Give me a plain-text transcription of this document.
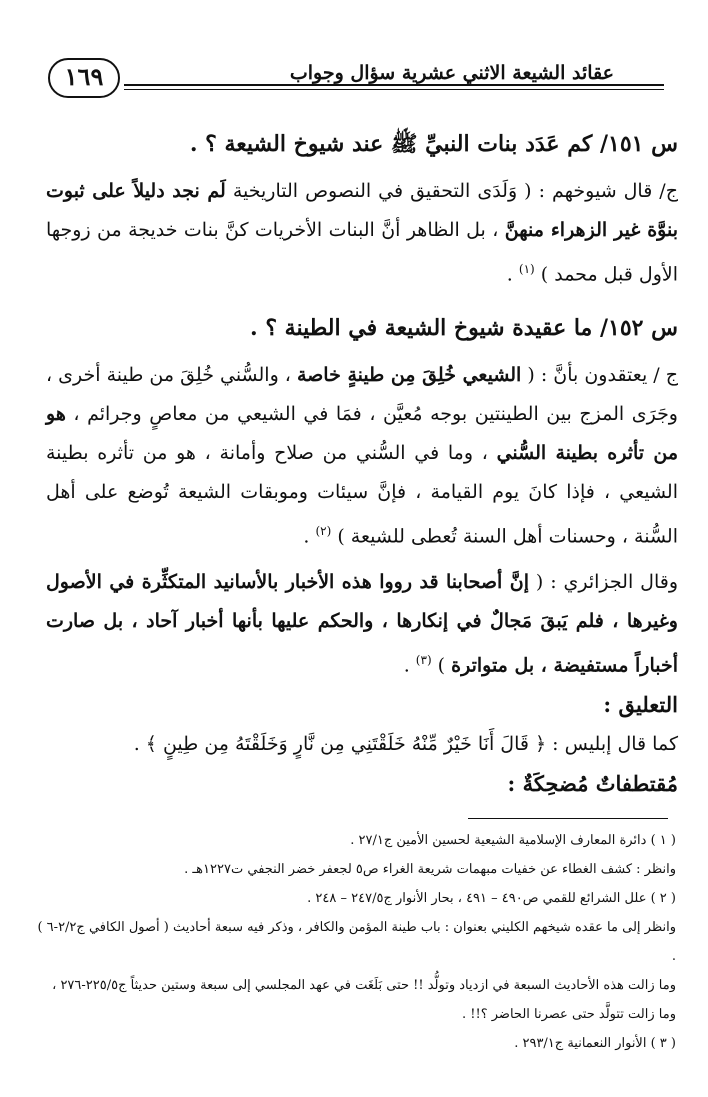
١٦٩	عقائد الشيعة الاثني عشرية سؤال وجواب
س ١٥١/ كم عَدَد بنات النبيِّ ﷺ عند شيوخ الشيعة ؟ .

ج/ قال شيوخهم : ( وَلَدَى التحقيق في النصوص التاريخية لَم نجد دليلاً على ثبوت بنوَّة غير الزهراء منهنَّ ، بل الظاهر أنَّ البنات الأخريات كنَّ بنات خديجة من زوجها الأول قبل محمد ) $^{(١)}$ .

س ١٥٢/ ما عقيدة شيوخ الشيعة في الطينة ؟ .

ج / يعتقدون بأنَّ : ( الشيعي خُلِقَ مِن طينةٍ خاصة ، والسُّني خُلِقَ من طينة أخرى ، وجَرَى المزج بين الطينتين بوجه مُعيَّن ، فمَا في الشيعي من معاصٍ وجرائم ، هو من تأثره بطينة السُّني ، وما في السُّني من صلاح وأمانة ، هو من تأثره بطينة الشيعي ، فإذا كانَ يوم القيامة ، فإنَّ سيئات وموبقات الشيعة تُوضع على أهل السُّنة ، وحسنات أهل السنة تُعطى للشيعة ) $^{(٢)}$ .

وقال الجزائري : ( إنَّ أصحابنا قد رووا هذه الأخبار بالأسانيد المتكثِّرة في الأصول وغيرها ، فلم يَبقَ مَجالٌ في إنكارها ، والحكم عليها بأنها أخبار آحاد ، بل صارت أخباراً مستفيضة ، بل متواترة ) $^{(٣)}$ .

التعليق :

كما قال إبليس : ﴿ قَالَ أَنَا خَيْرٌ مِّنْهُ خَلَقْتَنِي مِن نَّارٍ وَخَلَقْتَهُ مِن طِينٍ ﴾ .

مُقتطفاتٌ مُضحِكَةٌ :

( ١ ) دائرة المعارف الإسلامية الشيعية لحسين الأمين ج٢٧/١ .

وانظر : كشف الغطاء عن خفيات مبهمات شريعة الغراء ص٥ لجعفر خضر النجفي ت١٢٢٧هـ .

( ٢ ) علل الشرائع للقمي ص٤٩٠ – ٤٩١ ، بحار الأنوار ج٢٤٧/٥ – ٢٤٨ .

وانظر إلى ما عقده شيخهم الكليني بعنوان : باب طينة المؤمن والكافر ، وذكر فيه سبعة أحاديث ( أصول الكافي ج٢/٢-٦ ) .

وما زالت هذه الأحاديث السبعة في ازدياد وتولُّد !! حتى بَلَغَت في عهد المجلسي إلى سبعة وستين حديثاً ج٢٢٥/٥-٢٧٦ ، وما زالت تتولَّد حتى عصرنا الحاضر ؟!! .

( ٣ ) الأنوار النعمانية ج٢٩٣/١ .
